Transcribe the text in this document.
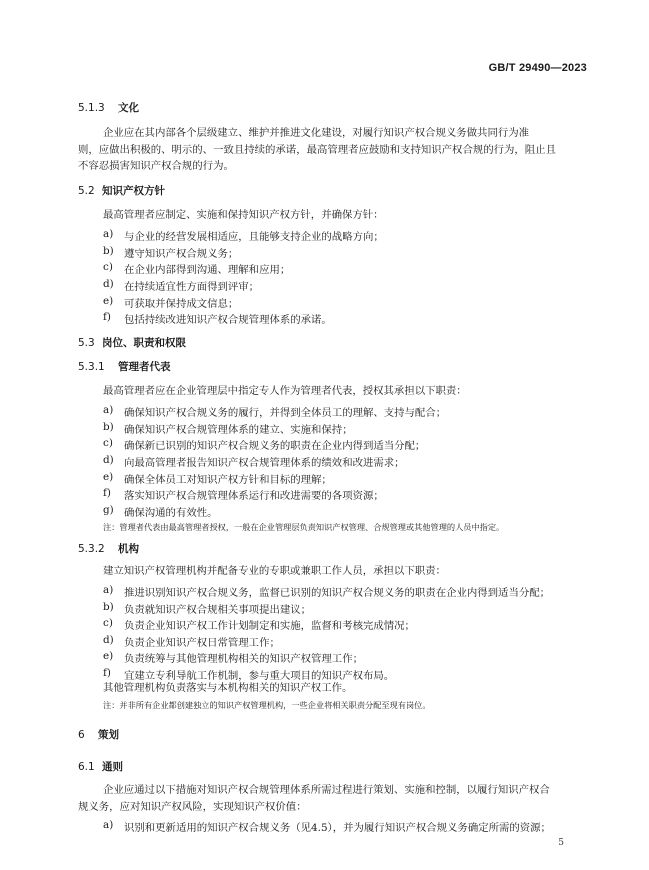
GB/T 29490—2023
5.1.3 文化
企业应在其内部各个层级建立、维护并推进文化建设，对履行知识产权合规义务做共同行为准
则，应做出积极的、明示的、一致且持续的承诺，最高管理者应鼓励和支持知识产权合规的行为，阻止且
不容忍损害知识产权合规的行为。
5.2 知识产权方针
最高管理者应制定、实施和保持知识产权方针，并确保方针：
a)	与企业的经营发展相适应，且能够支持企业的战略方向；
b) 遵守知识产权合规义务；
c)	在企业内部得到沟通、理解和应用；
d) 在持续适宜性方面得到评审；
e)	可获取并保持成文信息；
f)	包括持续改进知识产权合规管理体系的承诺。
5.3 岗位、职责和权限
5.3.1 管理者代表
最高管理者应在企业管理层中指定专人作为管理者代表，授权其承担以下职责：
a)	确保知识产权合规义务的履行，并得到全体员工的理解、支持与配合；
b) 确保知识产权合规管理体系的建立、实施和保持；
c)	确保新已识别的知识产权合规义务的职责在企业内得到适当分配；
d) 向最高管理者报告知识产权合规管理体系的绩效和改进需求；
e)	确保全体员工对知识产权方针和目标的理解；
f)	落实知识产权合规管理体系运行和改进需要的各项资源；
g) 确保沟通的有效性。
注：管理者代表由最高管理者授权，一般在企业管理层负责知识产权管理、合规管理或其他管理的人员中指定。
5.3.2 机构
建立知识产权管理机构并配备专业的专职或兼职工作人员，承担以下职责：
a)	推进识别知识产权合规义务，监督已识别的知识产权合规义务的职责在企业内得到适当分配；
b) 负责就知识产权合规相关事项提出建议；
c)	负责企业知识产权工作计划制定和实施，监督和考核完成情况；
d) 负责企业知识产权日常管理工作；
e)	负责统筹与其他管理机构相关的知识产权管理工作；
f)	宜建立专利导航工作机制，参与重大项目的知识产权布局。
其他管理机构负责落实与本机构相关的知识产权工作。
注：并非所有企业都创建独立的知识产权管理机构，一些企业将相关职责分配至现有岗位。
6 策划
6.1 通则
企业应通过以下措施对知识产权合规管理体系所需过程进行策划、实施和控制，以履行知识产权合
规义务，应对知识产权风险，实现知识产权价值：
a)	识别和更新适用的知识产权合规义务（见4.5），并为履行知识产权合规义务确定所需的资源；
5
